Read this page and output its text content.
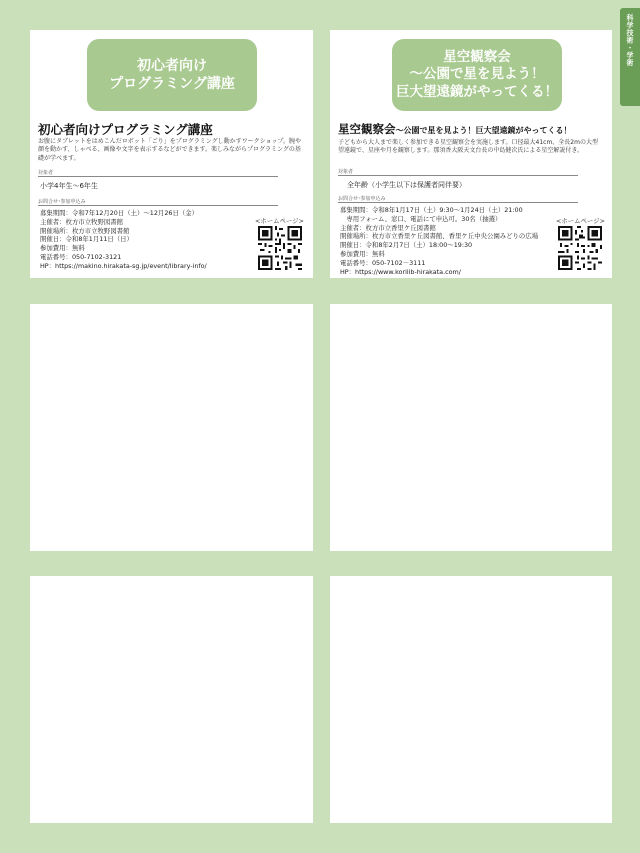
科学技術・学術
初心者向け
プログラミング講座
初心者向けプログラミング講座
お腹にタブレットをはめこんだロボット「ごり」をプログラミングし動かすワークショップ。腕や顔を動かす、しゃべる、画像や文字を表示するなどができます。楽しみながらプログラミングの基礎が学べます。
対象者
小学4年生～6年生
お問合せ･参加申込み
募集期間：令和7年12月20日（土）～12月26日（金）
主催者：枚方市立牧野図書館
開催場所：枚方市立牧野図書館
開催日：令和8年1月11日（日）
参加費用：無料
電話番号：050-7102-3121
HP：https://makino.hirakata-sg.jp/event/library-info/
<ホームページ>
星空観察会
～公園で星を見よう！
巨大望遠鏡がやってくる！
星空観察会～公園で星を見よう！巨大望遠鏡がやってくる！
子どもから大人まで楽しく参加できる星空観察会を実施します。口径最大41cm、全長2mの大型望遠鏡で、星座や月を観察します。那須香大阪天文台長の中島健次氏による星空解説付き。
対象者
全年齢（小学生以下は保護者同伴要）
お問合せ･参加申込み
募集期間：令和8年1月17日（土）9:30～1月24日（土）21:00
　専用フォーム、窓口、電話にて申込可。30名（抽選）
主催者：枚方市立香里ケ丘図書館
開催場所：枚方市立香里ケ丘図書館、香里ケ丘中央公園みどりの広場
開催日：令和8年2月7日（土）18:00～19:30
参加費用：無料
電話番号：050-7102－3111
HP：https://www.korilib-hirakata.com/
<ホームページ>
